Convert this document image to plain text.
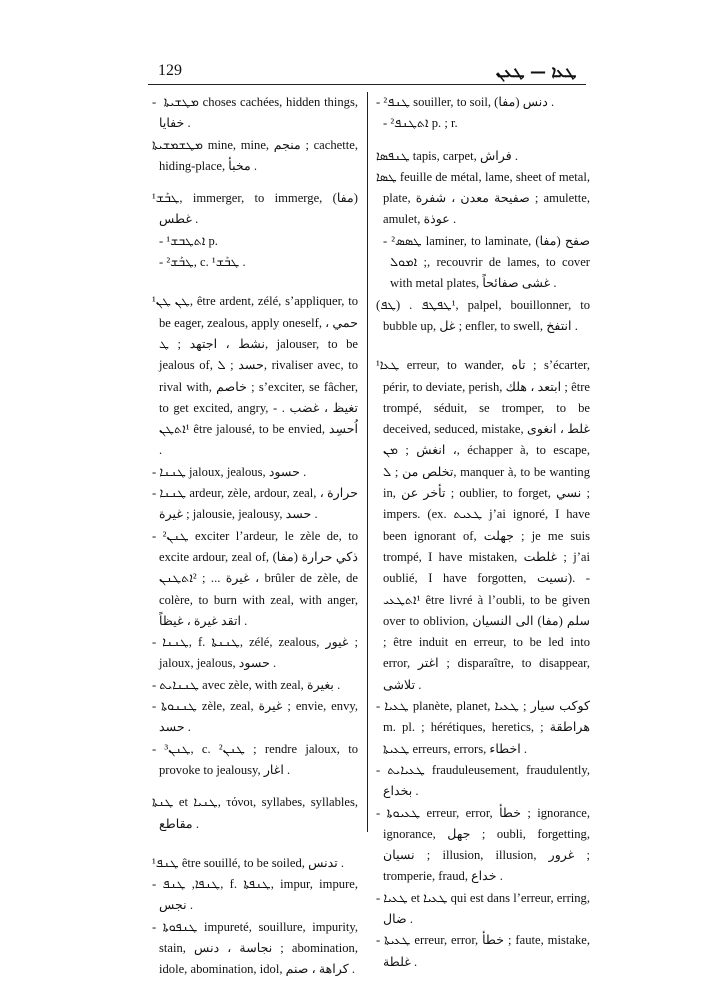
129	ܛܥܐ — ܛܥܢ
- ܡܛܫܝܬܐ ‏ choses cachées, hidden things, خفايا .
ܡܛܫܡܫܝܬܐ mine, mine, منجم ; cachette, hiding-place, مخبأ .
¹ܛܒܰܫ, immerger, to immerge, (مفا) غطس .
- ¹ܐܬܛܒܫ p.
- ²ܛܒܰܫ, c. ¹ܛܒܰܫ .
¹ܛܢ ܛܢ, être ardent, zélé, s’appliquer, to be eager, zealous, apply oneself, حمي ، نشط ، اجتهد ; ܛ, jalouser, to be jealous of, حسد ; ܠ, rivaliser avec, to rival with, خاصم ; s’exciter, se fâcher, to get excited, angry, تغيظ ، غضب . - ¹ܐܬܛܢ être jalousé, to be envied, اُحسِد .
- ܛܢܢܐ jaloux, jealous, حسود .
- ܛܢܢܐ ardeur, zèle, ardour, zeal, حرارة ، غيرة ; jalousie, jealousy, حسد .
- ²ܛܢܢ exciter l’ardeur, le zèle de, to excite ardour, zeal of, (مفا) ذكي حرارة ، غيرة ... ; ²ܐܬܛܢܢ brûler de zèle, de colère, to burn with zeal, with anger, اتقد غيرة ، غيظاً .
- ܛܢܢܐ, f. ܛܢܢܬܐ, zélé, zealous, غيور ; jaloux, jealous, حسود .
- ܛܢܢܐܝܬ avec zèle, with zeal, بغيرة .
- ܛܢܢܘܬܐ zèle, zeal, غيرة ; envie, envy, حسد .
- ³ܛܢܢ, c. ²ܛܢܢ ; rendre jaloux, to provoke to jealousy, اغار .
ܛܢܬܐ et ܛܢܝܐ, τόνοι, syllabes, syllables, مقاطع .
¹ܛܢܦ être souillé, to be soiled, تدنس .
- ܛܢܦܐ, ܛܢܦ, f. ܛܢܦܬܐ, impur, impure, نجس .
- ܛܢܦܘܬܐ impureté, souillure, impurity, stain, نجاسة ، دنس ; abomination, idole, abomination, idol, كراهة ، صنم .
- ²ܛܢܦ souiller, to soil, (مفا) دنس .
- ²ܐܬܛܢܦ p. ; r.
ܛܢܦܣܐ tapis, carpet, فراش .
ܛܣܐ feuille de métal, lame, sheet of metal, plate, صفيحة معدن ، شفرة ; amulette, amulet, عوذة .
- ²ܛܣܣ laminer, to laminate, (مفا) صفح ; ܐܡܘܠ, recouvrir de lames, to cover with metal plates, غشى صفائحاً .
(ܛܦ) . ¹ܛܦܛܦ, palpel, bouillonner, to bubble up, غل ; enfler, to swell, انتفخ .
¹ܛܥܐ erreur, to wander, تاه ; s’écarter, périr, to deviate, perish, ابتعد ، هلك ; être trompé, séduit, se tromper, to be deceived, seduced, mistake, غلط ، انغوى ، انغش ; ܡܢ, échapper à, to escape, تخلص من ; ܠ, manquer à, to be wanting in, تأخر عن ; oublier, to forget, نسي ; impers. (ex. ܛܥܝܬ j’ai ignoré, I have been ignorant of, جهلت ; je me suis trompé, I have mistaken, غلطت ; j’ai oublié, I have forgotten, نسيت). - ¹ܐܬܛܥܝ être livré à l’oubli, to be given over to oblivion, سلم (مفا) الى النسيان ; être induit en erreur, to be led into error, اغتر ; disparaître, to disappear, تلاشى .
- ܛܥܝܐ planète, planet, كوكب سيار ; ܛܥܝܐ m. pl. ; hérétiques, heretics, هراطقة ; ܛܥܝܬܐ erreurs, errors, اخطاء .
- ܛܥܝܐܝܬ frauduleusement, fraudulently, بخداع .
- ܛܥܝܘܬܐ erreur, error, خطأ ; ignorance, ignorance, جهل ; oubli, forgetting, نسيان ; illusion, illusion, غرور ; tromperie, fraud, خداع .
- ܛܥܝܐ et ܛܥܝܐ qui est dans l’erreur, erring, ضال .
- ܛܥܝܬܐ erreur, error, خطأ ; faute, mistake, غلطة .
